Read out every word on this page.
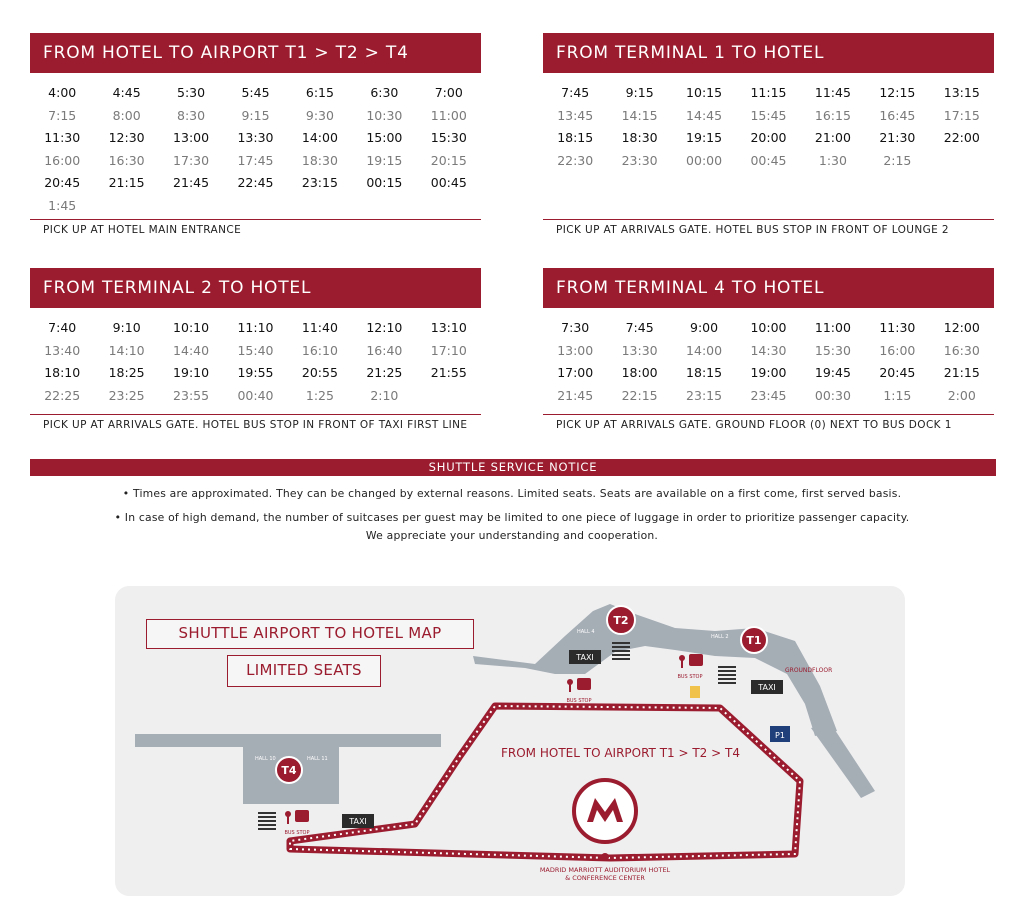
FROM HOTEL TO AIRPORT T1 > T2 > T4
4:00	4:45	5:30	5:45	6:15	6:30	7:00
7:15	8:00	8:30	9:15	9:30	10:30	11:00
11:30	12:30	13:00	13:30	14:00	15:00	15:30
16:00	16:30	17:30	17:45	18:30	19:15	20:15
20:45	21:15	21:45	22:45	23:15	00:15	00:45
1:45
PICK UP AT HOTEL MAIN ENTRANCE
FROM TERMINAL 1 TO HOTEL
7:45	9:15	10:15	11:15	11:45	12:15	13:15
13:45	14:15	14:45	15:45	16:15	16:45	17:15
18:15	18:30	19:15	20:00	21:00	21:30	22:00
22:30	23:30	00:00	00:45	1:30	2:15
PICK UP AT ARRIVALS GATE. HOTEL BUS STOP IN FRONT OF LOUNGE 2
FROM TERMINAL 2 TO HOTEL
7:40	9:10	10:10	11:10	11:40	12:10	13:10
13:40	14:10	14:40	15:40	16:10	16:40	17:10
18:10	18:25	19:10	19:55	20:55	21:25	21:55
22:25	23:25	23:55	00:40	1:25	2:10
PICK UP AT ARRIVALS GATE. HOTEL BUS STOP IN FRONT OF TAXI FIRST LINE
FROM TERMINAL 4 TO HOTEL
7:30	7:45	9:00	10:00	11:00	11:30	12:00
13:00	13:30	14:00	14:30	15:30	16:00	16:30
17:00	18:00	18:15	19:00	19:45	20:45	21:15
21:45	22:15	23:15	23:45	00:30	1:15	2:00
PICK UP AT ARRIVALS GATE. GROUND FLOOR (0) NEXT TO BUS DOCK 1
SHUTTLE SERVICE NOTICE
• Times are approximated. They can be changed by external reasons. Limited seats. Seats are available on a first come, first served basis.
• In case of high demand, the number of suitcases per guest may be limited to one piece of luggage in order to prioritize passenger capacity.
We appreciate your understanding and cooperation.
HALL 10	HALL 11
HALL 4
HALL 2
GROUNDFLOOR
FROM HOTEL TO AIRPORT T1 > T2 > T4
MADRID MARRIOTT AUDITORIUM HOTEL
& CONFERENCE CENTER
T2
T1
T4
TAXI
TAXI
TAXI
BUS STOP
BUS STOP
BUS STOP
P1
SHUTTLE AIRPORT TO HOTEL MAP
LIMITED SEATS
